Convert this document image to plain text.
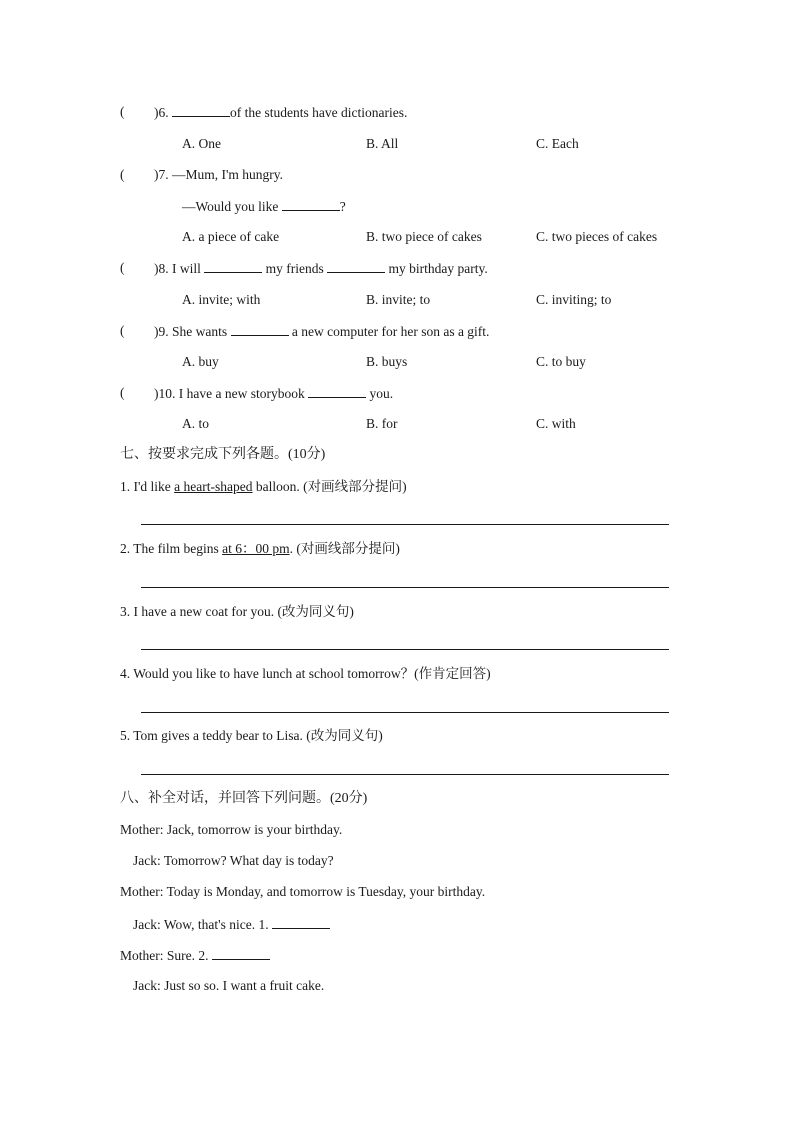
( )6.	of the students have dictionaries.
A. One	B. All	C. Each
( )7. —Mum, I'm hungry.
—Would you like	?
A. a piece of cake	B. two piece of cakes	C. two pieces of cakes
( )8. I will	my friends	my birthday party.
A. invite; with	B. invite; to	C. inviting; to
( )9. She wants	a new computer for her son as a gift.
A. buy	B. buys	C. to buy
( )10. I have a new storybook	you.
A. to	B. for	C. with
七、按要求完成下列各题。(10分)
1. I'd like a heart-shaped balloon. (对画线部分提问)
2. The film begins at 6：00 pm. (对画线部分提问)
3. I have a new coat for you. (改为同义句)
4. Would you like to have lunch at school tomorrow？(作肯定回答)
5. Tom gives a teddy bear to Lisa. (改为同义句)
八、补全对话，并回答下列问题。(20分)
Mother: Jack, tomorrow is your birthday.
Jack: Tomorrow? What day is today?
Mother: Today is Monday, and tomorrow is Tuesday, your birthday.
Jack: Wow, that's nice. 1.
Mother: Sure. 2.
Jack: Just so so. I want a fruit cake.
